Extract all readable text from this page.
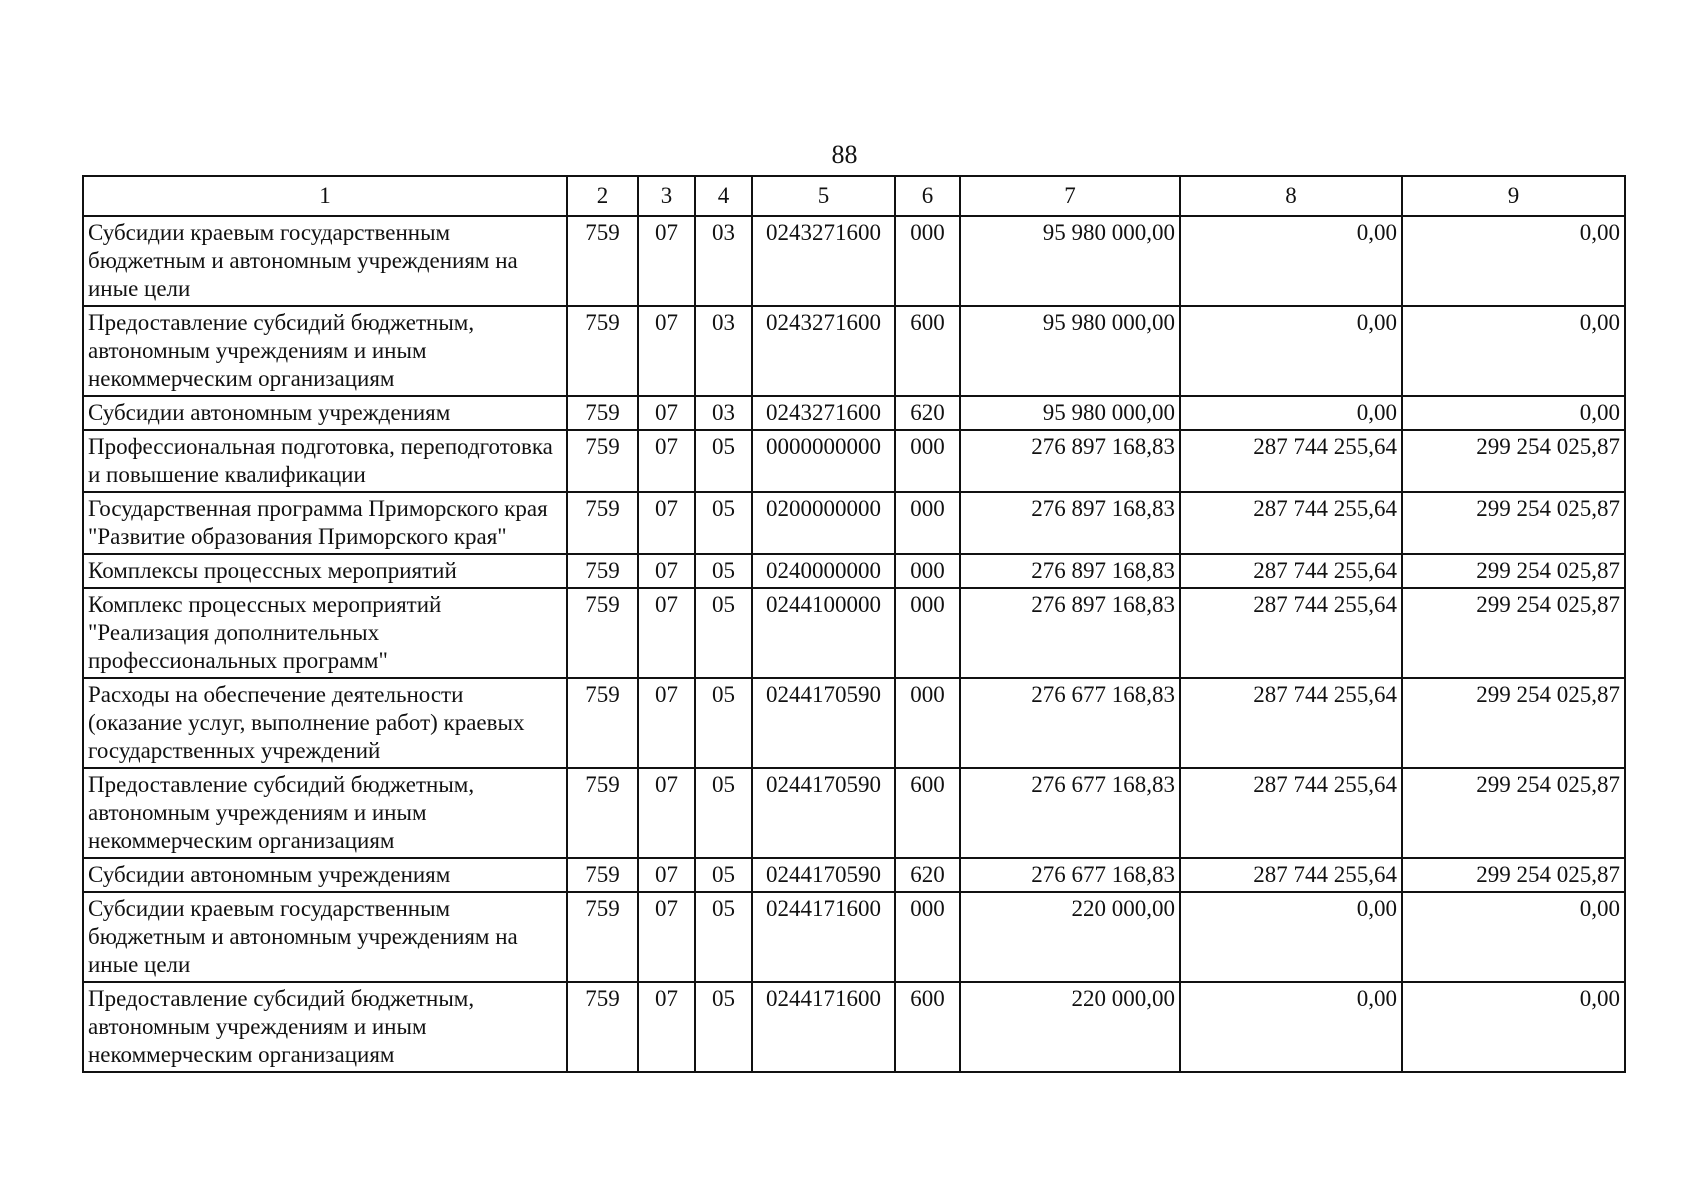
88
1	2	3	4	5	6	7	8	9
Субсидии краевым государственным бюджетным и автономным учреждениям на иные цели	759	07	03	0243271600	000	95 980 000,00	0,00	0,00
Предоставление субсидий бюджетным, автономным учреждениям и иным некоммерческим организациям	759	07	03	0243271600	600	95 980 000,00	0,00	0,00
Субсидии автономным учреждениям	759	07	03	0243271600	620	95 980 000,00	0,00	0,00
Профессиональная подготовка, переподготовка и повышение квалификации	759	07	05	0000000000	000	276 897 168,83	287 744 255,64	299 254 025,87
Государственная программа Приморского края "Развитие образования Приморского края"	759	07	05	0200000000	000	276 897 168,83	287 744 255,64	299 254 025,87
Комплексы процессных мероприятий	759	07	05	0240000000	000	276 897 168,83	287 744 255,64	299 254 025,87
Комплекс процессных мероприятий "Реализация дополнительных профессиональных программ"	759	07	05	0244100000	000	276 897 168,83	287 744 255,64	299 254 025,87
Расходы на обеспечение деятельности (оказание услуг, выполнение работ) краевых государственных учреждений	759	07	05	0244170590	000	276 677 168,83	287 744 255,64	299 254 025,87
Предоставление субсидий бюджетным, автономным учреждениям и иным некоммерческим организациям	759	07	05	0244170590	600	276 677 168,83	287 744 255,64	299 254 025,87
Субсидии автономным учреждениям	759	07	05	0244170590	620	276 677 168,83	287 744 255,64	299 254 025,87
Субсидии краевым государственным бюджетным и автономным учреждениям на иные цели	759	07	05	0244171600	000	220 000,00	0,00	0,00
Предоставление субсидий бюджетным, автономным учреждениям и иным некоммерческим организациям	759	07	05	0244171600	600	220 000,00	0,00	0,00
